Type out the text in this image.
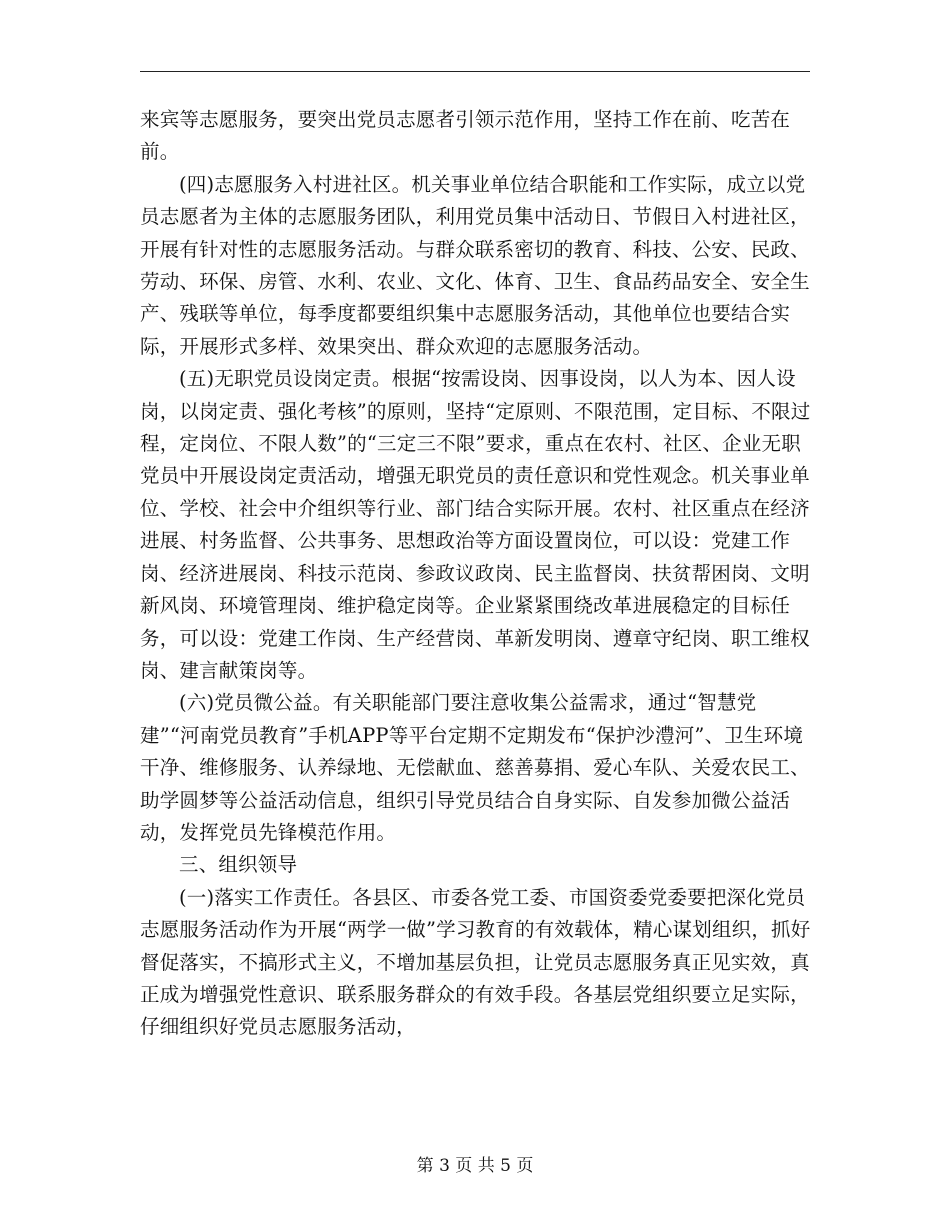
来宾等志愿服务，要突出党员志愿者引领示范作用，坚持工作在前、吃苦在前。

(四)志愿服务入村进社区。机关事业单位结合职能和工作实际，成立以党员志愿者为主体的志愿服务团队，利用党员集中活动日、节假日入村进社区，开展有针对性的志愿服务活动。与群众联系密切的教育、科技、公安、民政、劳动、环保、房管、水利、农业、文化、体育、卫生、食品药品安全、安全生产、残联等单位，每季度都要组织集中志愿服务活动，其他单位也要结合实际，开展形式多样、效果突出、群众欢迎的志愿服务活动。

(五)无职党员设岗定责。根据“按需设岗、因事设岗，以人为本、因人设岗，以岗定责、强化考核”的原则，坚持“定原则、不限范围，定目标、不限过程，定岗位、不限人数”的“三定三不限”要求，重点在农村、社区、企业无职党员中开展设岗定责活动，增强无职党员的责任意识和党性观念。机关事业单位、学校、社会中介组织等行业、部门结合实际开展。农村、社区重点在经济进展、村务监督、公共事务、思想政治等方面设置岗位，可以设：党建工作岗、经济进展岗、科技示范岗、参政议政岗、民主监督岗、扶贫帮困岗、文明新风岗、环境管理岗、维护稳定岗等。企业紧紧围绕改革进展稳定的目标任务，可以设：党建工作岗、生产经营岗、革新发明岗、遵章守纪岗、职工维权岗、建言献策岗等。

(六)党员微公益。有关职能部门要注意收集公益需求，通过“智慧党建”“河南党员教育”手机APP等平台定期不定期发布“保护沙澧河”、卫生环境干净、维修服务、认养绿地、无偿献血、慈善募捐、爱心车队、关爱农民工、助学圆梦等公益活动信息，组织引导党员结合自身实际、自发参加微公益活动，发挥党员先锋模范作用。

三、组织领导

(一)落实工作责任。各县区、市委各党工委、市国资委党委要把深化党员志愿服务活动作为开展“两学一做”学习教育的有效载体，精心谋划组织，抓好督促落实，不搞形式主义，不增加基层负担，让党员志愿服务真正见实效，真正成为增强党性意识、联系服务群众的有效手段。各基层党组织要立足实际，仔细组织好党员志愿服务活动，

第 3 页 共 5 页
